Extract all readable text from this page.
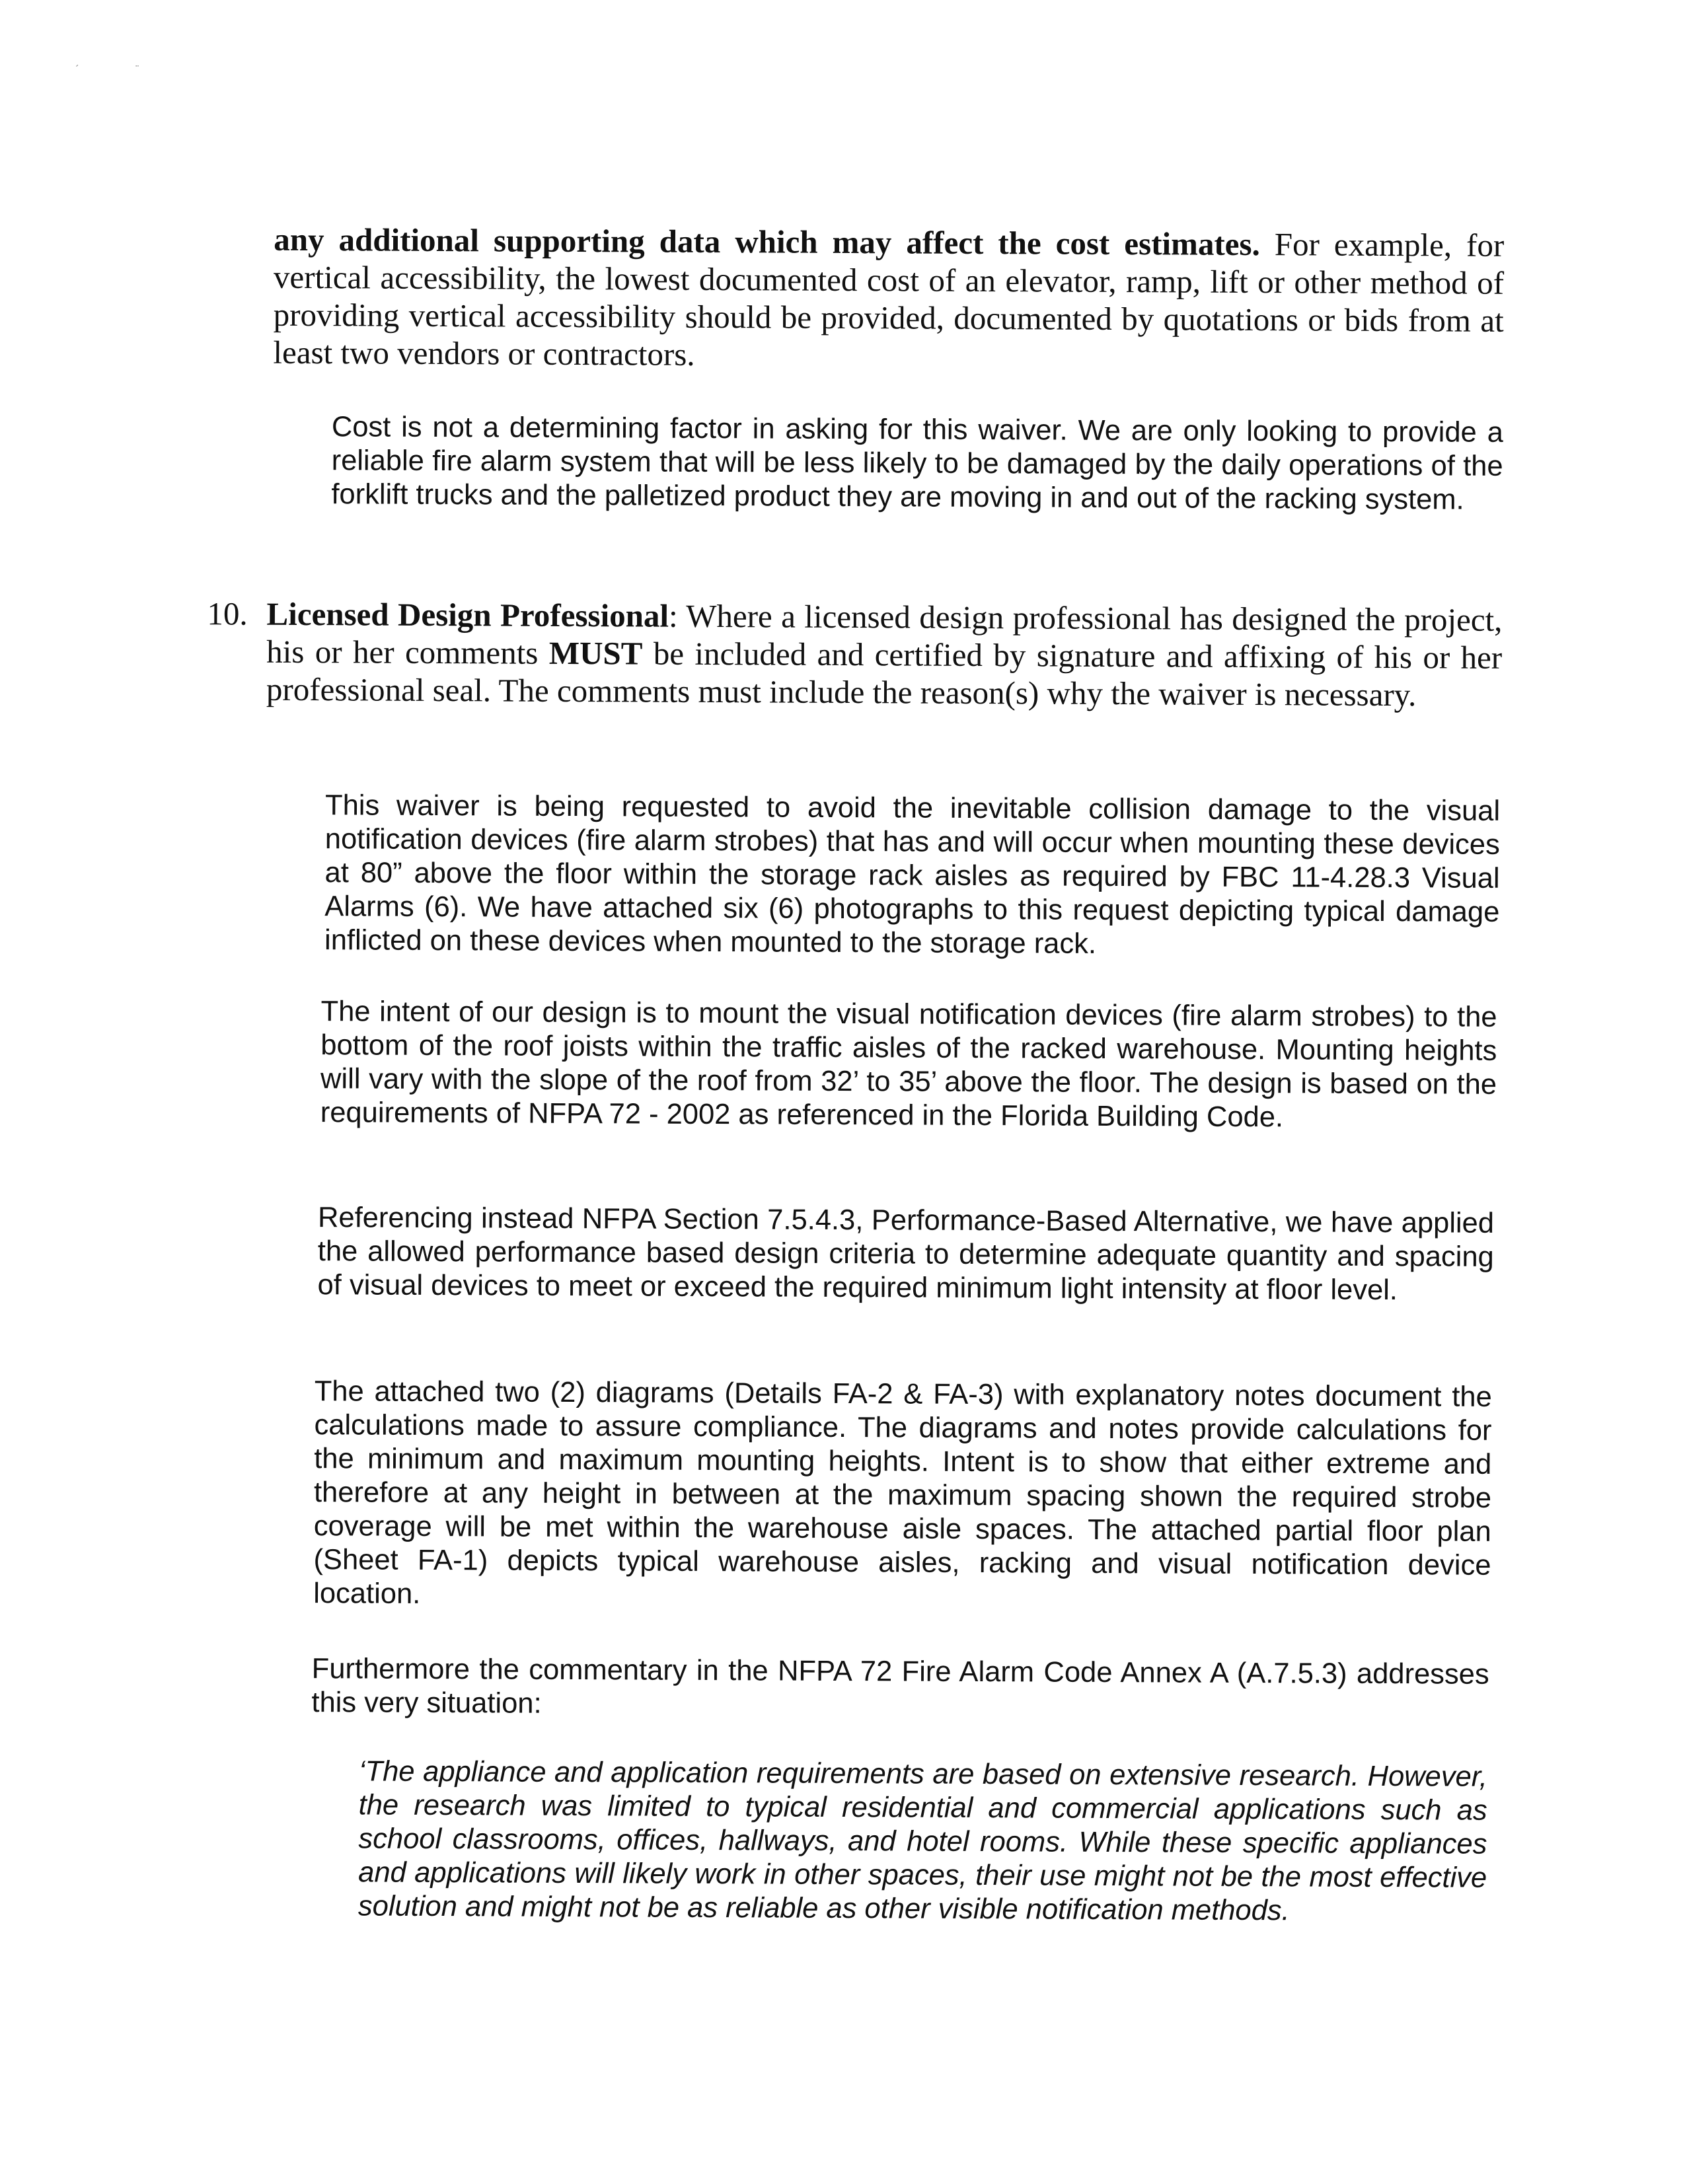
´ ¨
any additional supporting data which may affect the cost estimates. For example, for vertical accessibility, the lowest documented cost of an elevator, ramp, lift or other method of providing vertical accessibility should be provided, documented by quotations or bids from at least two vendors or contractors.
Cost is not a determining factor in asking for this waiver. We are only looking to provide a reliable fire alarm system that will be less likely to be damaged by the daily operations of the forklift trucks and the palletized product they are moving in and out of the racking system.
10. Licensed Design Professional: Where a licensed design professional has designed the project, his or her comments MUST be included and certified by signature and affixing of his or her professional seal. The comments must include the reason(s) why the waiver is necessary.
This waiver is being requested to avoid the inevitable collision damage to the visual notification devices (fire alarm strobes) that has and will occur when mounting these devices at 80” above the floor within the storage rack aisles as required by FBC 11-4.28.3 Visual Alarms (6). We have attached six (6) photographs to this request depicting typical damage inflicted on these devices when mounted to the storage rack.
The intent of our design is to mount the visual notification devices (fire alarm strobes) to the bottom of the roof joists within the traffic aisles of the racked warehouse. Mounting heights will vary with the slope of the roof from 32’ to 35’ above the floor. The design is based on the requirements of NFPA 72 - 2002 as referenced in the Florida Building Code.
Referencing instead NFPA Section 7.5.4.3, Performance-Based Alternative, we have applied the allowed performance based design criteria to determine adequate quantity and spacing of visual devices to meet or exceed the required minimum light intensity at floor level.
The attached two (2) diagrams (Details FA-2 & FA-3) with explanatory notes document the calculations made to assure compliance. The diagrams and notes provide calculations for the minimum and maximum mounting heights. Intent is to show that either extreme and therefore at any height in between at the maximum spacing shown the required strobe coverage will be met within the warehouse aisle spaces. The attached partial floor plan (Sheet FA-1) depicts typical warehouse aisles, racking and visual notification device location.
Furthermore the commentary in the NFPA 72 Fire Alarm Code Annex A (A.7.5.3) addresses this very situation:
‘The appliance and application requirements are based on extensive research. However, the research was limited to typical residential and commercial applications such as school classrooms, offices, hallways, and hotel rooms. While these specific appliances and applications will likely work in other spaces, their use might not be the most effective solution and might not be as reliable as other visible notification methods.
